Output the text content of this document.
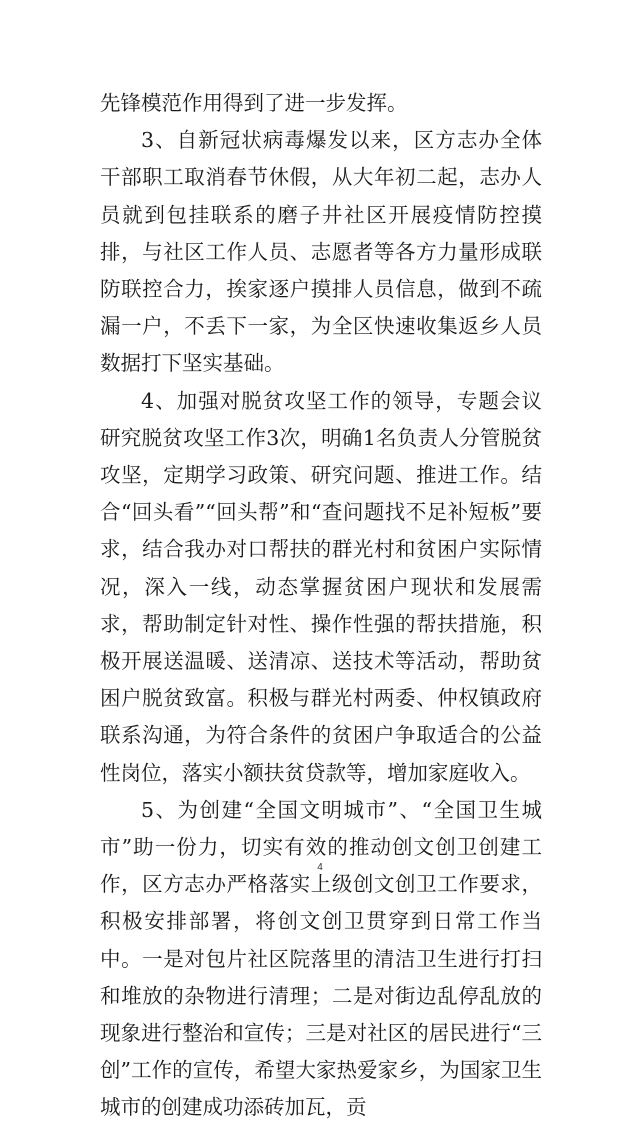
先锋模范作用得到了进一步发挥。

3、自新冠状病毒爆发以来，区方志办全体干部职工取消春节休假，从大年初二起，志办人员就到包挂联系的磨子井社区开展疫情防控摸排，与社区工作人员、志愿者等各方力量形成联防联控合力，挨家逐户摸排人员信息，做到不疏漏一户，不丢下一家，为全区快速收集返乡人员数据打下坚实基础。

4、加强对脱贫攻坚工作的领导，专题会议研究脱贫攻坚工作3次，明确1名负责人分管脱贫攻坚，定期学习政策、研究问题、推进工作。结合“回头看”“回头帮”和“查问题找不足补短板”要求，结合我办对口帮扶的群光村和贫困户实际情况，深入一线，动态掌握贫困户现状和发展需求，帮助制定针对性、操作性强的帮扶措施，积极开展送温暖、送清凉、送技术等活动，帮助贫困户脱贫致富。积极与群光村两委、仲权镇政府联系沟通，为符合条件的贫困户争取适合的公益性岗位，落实小额扶贫贷款等，增加家庭收入。

5、为创建“全国文明城市”、“全国卫生城市”助一份力，切实有效的推动创文创卫创建工作，区方志办严格落实上级创文创卫工作要求，积极安排部署，将创文创卫贯穿到日常工作当中。一是对包片社区院落里的清洁卫生进行打扫和堆放的杂物进行清理；二是对街边乱停乱放的现象进行整治和宣传；三是对社区的居民进行“三创”工作的宣传，希望大家热爱家乡，为国家卫生城市的创建成功添砖加瓦，贡

4
